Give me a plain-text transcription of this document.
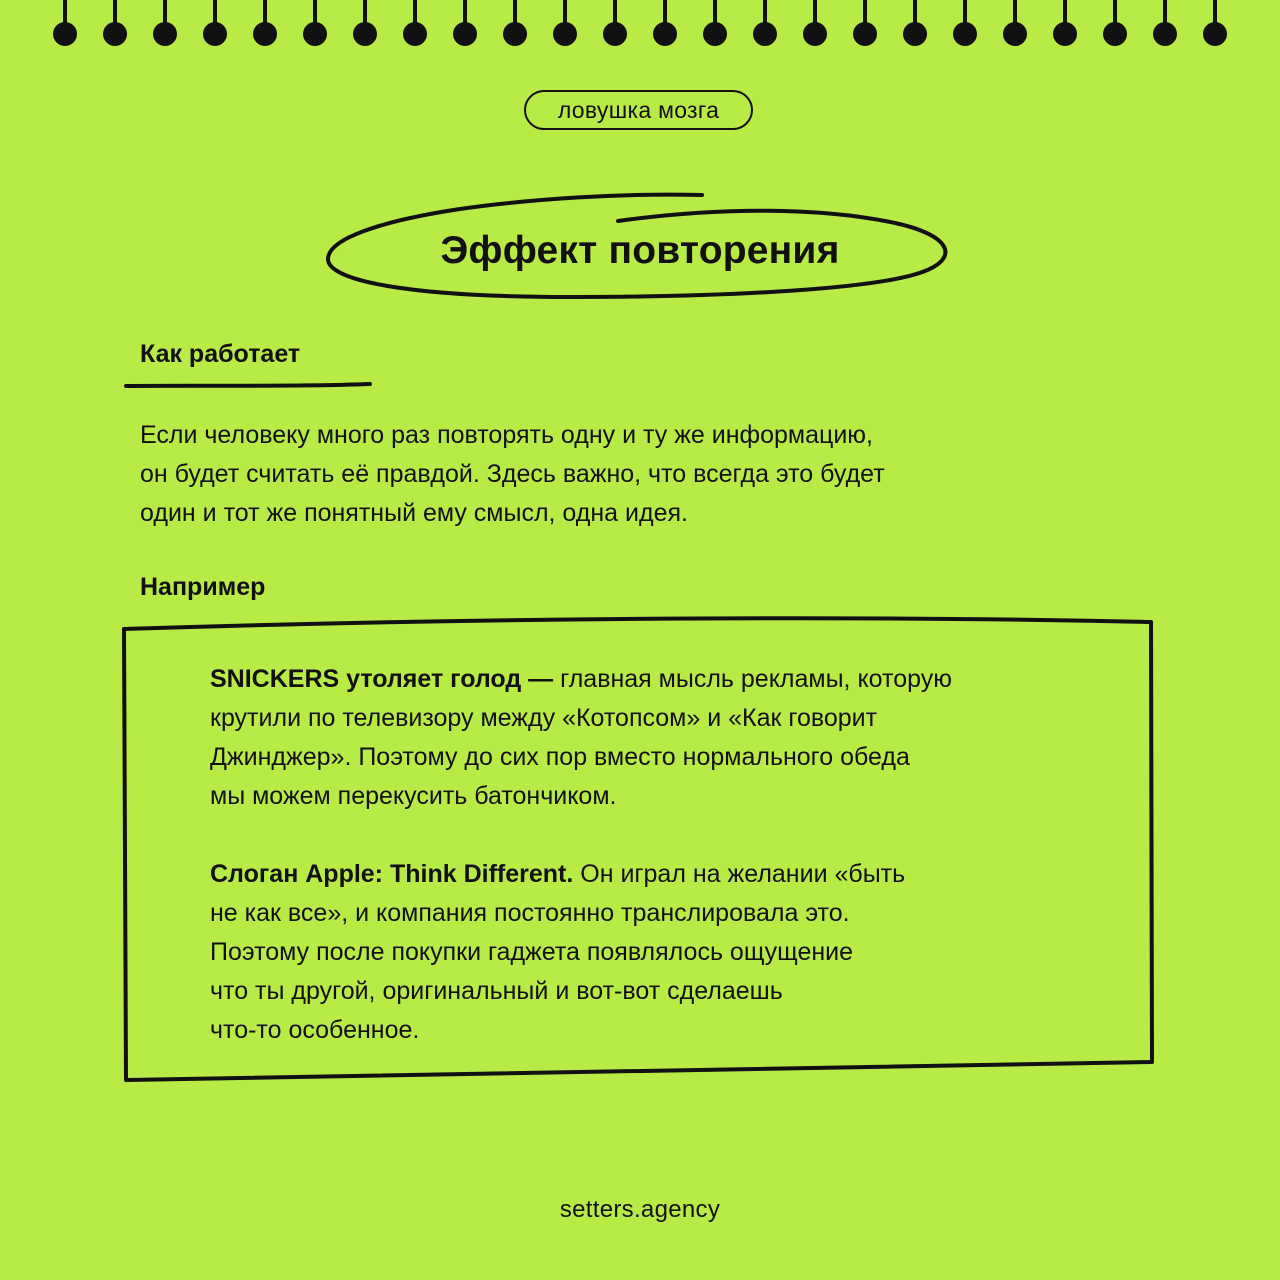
ловушка мозга
Эффект повторения
Как работает
Если человеку много раз повторять одну и ту же информацию,
он будет считать её правдой. Здесь важно, что всегда это будет
один и тот же понятный ему смысл, одна идея.
Например
SNICKERS утоляет голод — главная мысль рекламы, которую
крутили по телевизору между «Котопсом» и «Как говорит
Джинджер». Поэтому до сих пор вместо нормального обеда
мы можем перекусить батончиком.
Слоган Apple: Think Different. Он играл на желании «быть
не как все», и компания постоянно транслировала это.
Поэтому после покупки гаджета появлялось ощущение
что ты другой, оригинальный и вот-вот сделаешь
что-то особенное.
setters.agency
